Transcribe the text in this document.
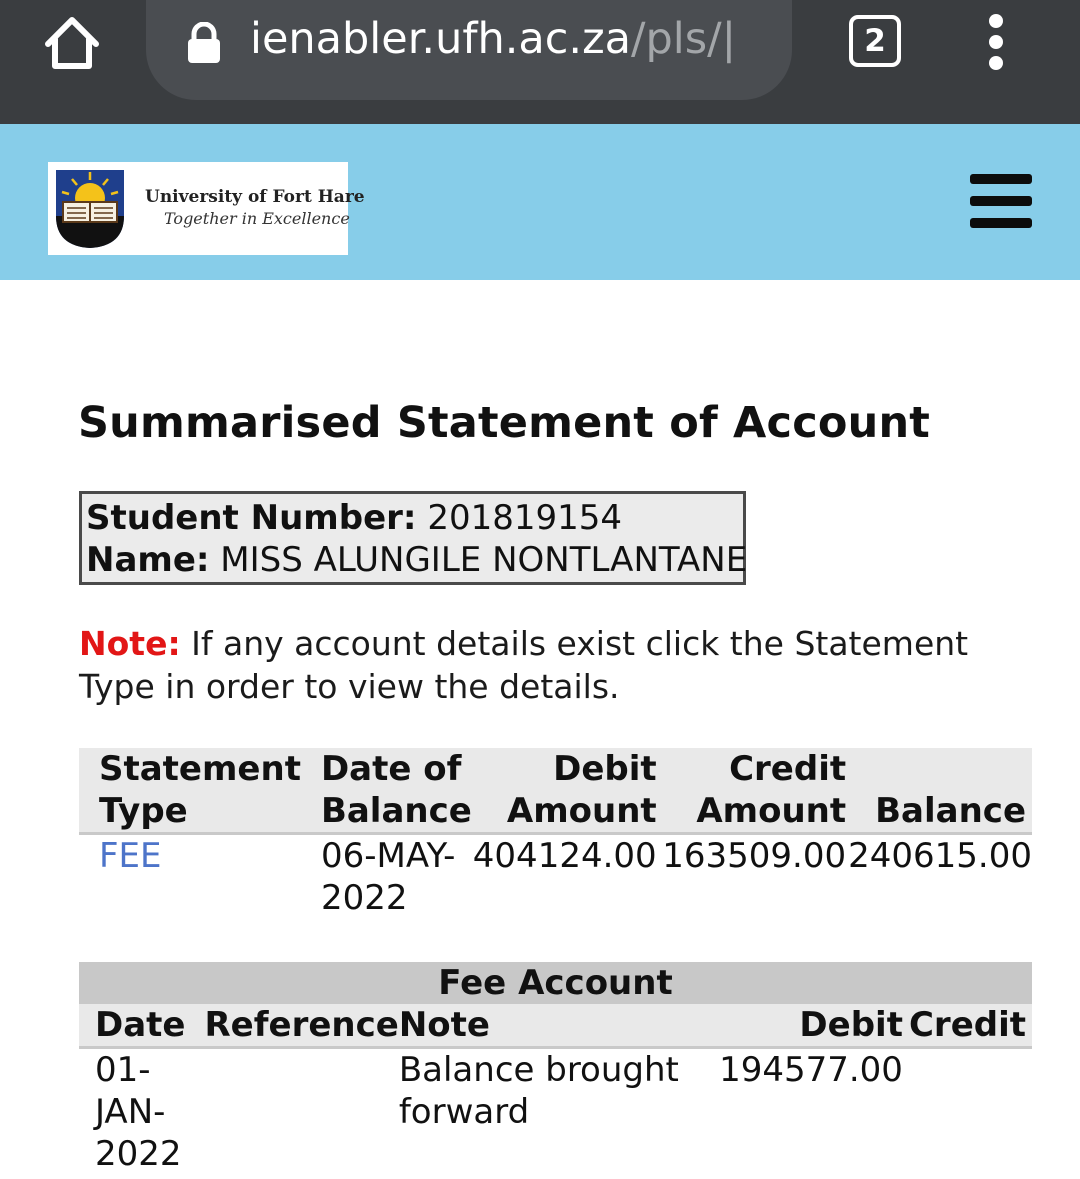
ienabler.ufh.ac.za/pls/|	2
University of Fort Hare
Together in Excellence
Summarised Statement of Account
Student Number: 201819154
Name: MISS ALUNGILE NONTLANTANE
Note: If any account details exist click the Statement Type in order to view the details.
Statement Type	Date of Balance	Debit Amount	Credit Amount	Balance
FEE	06-MAY-2022	404124.00	163509.00	240615.00
Fee Account				
Date	Reference	Note	Debit	Credit
01-JAN-2022		Balance brought forward	194577.00	
